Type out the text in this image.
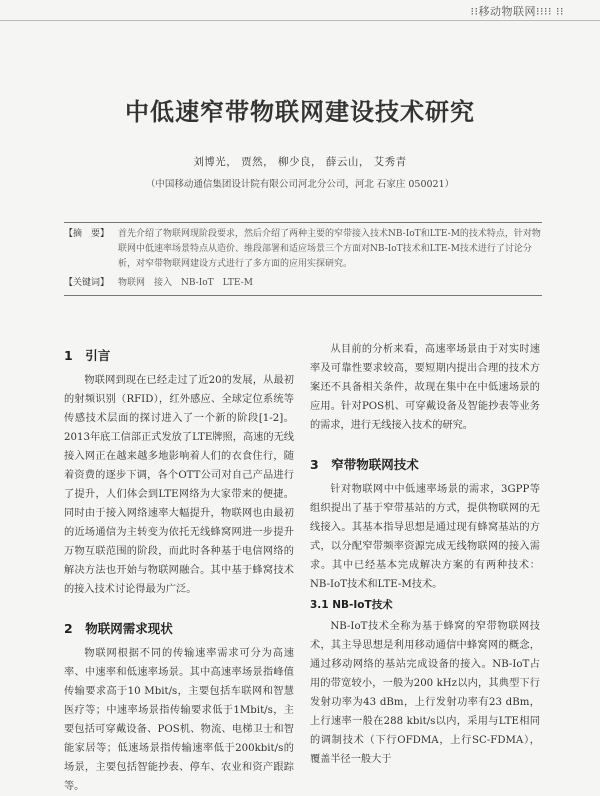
⁝⁝移动物联网⁝⁝⁝⁝ ⁝⁝
中低速窄带物联网建设技术研究
刘博光， 贾然， 柳少良， 薛云山， 艾秀青
（中国移动通信集团设计院有限公司河北分公司，河北 石家庄 050021）
【摘　要】 首先介绍了物联网现阶段要求，然后介绍了两种主要的窄带接入技术NB-IoT和LTE-M的技术特点，针对物联网中低速率场景特点从造价、维段部署和适应场景三个方面对NB-IoT技术和LTE-M技术进行了讨论分析，对窄带物联网建设方式进行了多方面的应用实探研究。
【关键词】 物联网　接入　NB-IoT　LTE-M
1　引言

物联网到现在已经走过了近20的发展，从最初的射频识别（RFID），红外感应、全球定位系统等传感技术层面的探讨进入了一个新的阶段[1-2]。2013年底工信部正式发放了LTE牌照，高速的无线接入网正在越来越多地影响着人们的衣食住行，随着资费的逐步下调，各个OTT公司对自己产品进行了提升，人们体会到LTE网络为大家带来的便捷。同时由于接入网络速率大幅提升，物联网也由最初的近场通信为主转变为依托无线蜂窝网进一步提升万物互联范围的阶段，而此时各种基于电信网络的解决方法也开始与物联网融合。其中基于蜂窝技术的接入技术讨论得最为广泛。

2　物联网需求现状

物联网根据不同的传输速率需求可分为高速率、中速率和低速率场景。其中高速率场景指峰值传输要求高于10 Mbit/s，主要包括车联网和智慧医疗等；中速率场景指传输要求低于1Mbit/s，主要包括可穿戴设备、POS机、物流、电梯卫士和智能家居等；低速场景指传输速率低于200kbit/s的场景，主要包括智能抄表、停车、农业和资产跟踪等。

从目前的分析来看，高速率场景由于对实时速率及可靠性要求较高，要短期内提出合理的技术方案还不具备相关条件，故现在集中在中低速场景的应用。针对POS机、可穿戴设备及智能抄表等业务的需求，进行无线接入技术的研究。

3　窄带物联网技术

针对物联网中中低速率场景的需求，3GPP等组织提出了基于窄带基站的方式，提供物联网的无线接入。其基本指导思想是通过现有蜂窝基站的方式，以分配窄带频率资源完成无线物联网的接入需求。其中已经基本完成解决方案的有两种技术：NB-IoT技术和LTE-M技术。

3.1 NB-IoT技术

NB-IoT技术全称为基于蜂窝的窄带物联网技术，其主导思想是利用移动通信中蜂窝网的概念，通过移动网络的基站完成设备的接入。NB-IoT占用的带宽较小，一般为200 kHz以内，其典型下行发射功率为43 dBm，上行发射功率有23 dBm，上行速率一般在288 kbit/s以内，采用与LTE相同的调制技术（下行OFDMA，上行SC-FDMA），覆盖半径一般大于
